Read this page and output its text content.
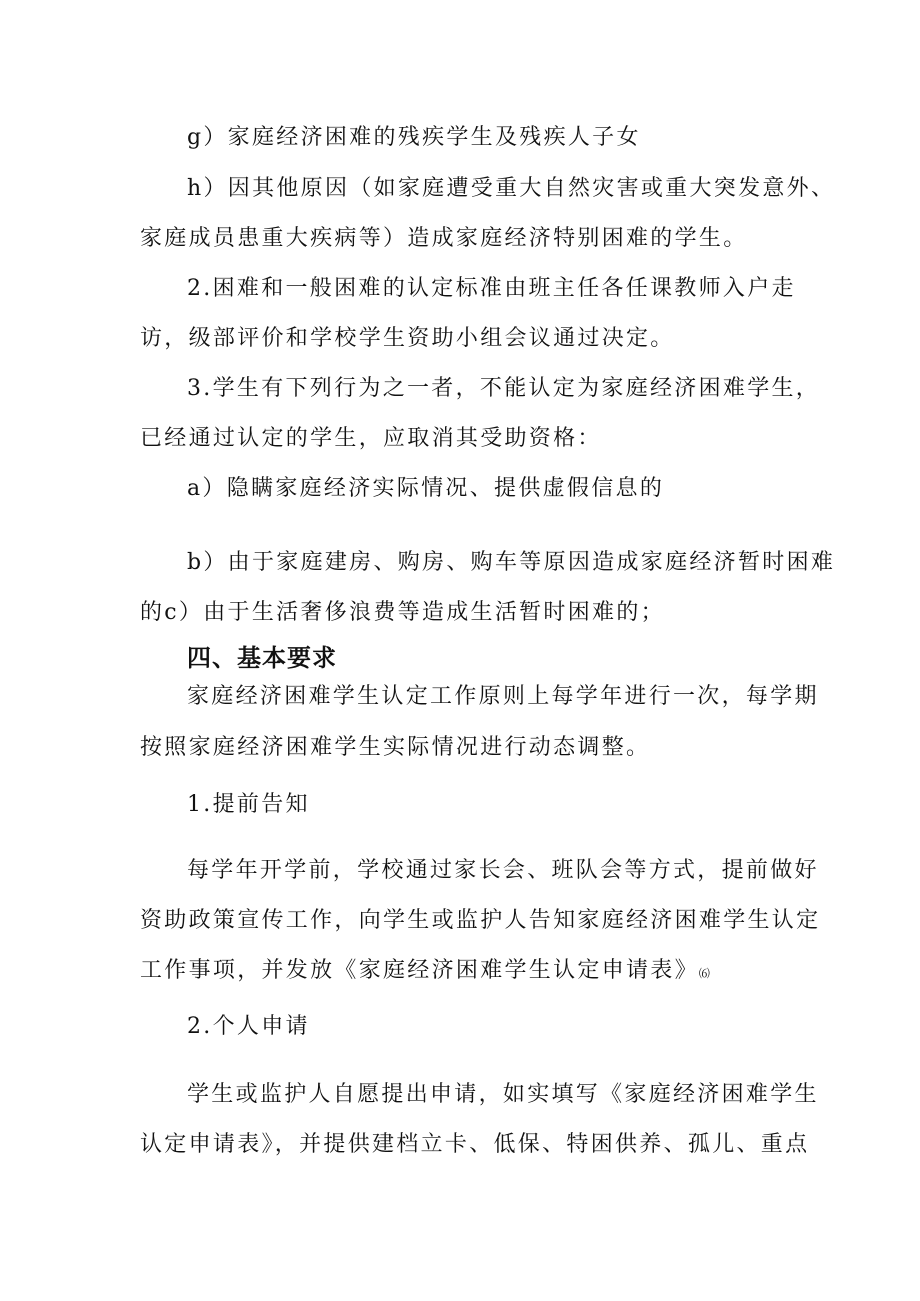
g）家庭经济困难的残疾学生及残疾人子女
h）因其他原因（如家庭遭受重大自然灾害或重大突发意外、
家庭成员患重大疾病等）造成家庭经济特别困难的学生。
2.困难和一般困难的认定标准由班主任各任课教师入户走
访，级部评价和学校学生资助小组会议通过决定。
3.学生有下列行为之一者，不能认定为家庭经济困难学生，
已经通过认定的学生，应取消其受助资格：
a）隐瞒家庭经济实际情况、提供虚假信息的
b）由于家庭建房、购房、购车等原因造成家庭经济暂时困难
的c）由于生活奢侈浪费等造成生活暂时困难的；
四、基本要求
家庭经济困难学生认定工作原则上每学年进行一次，每学期
按照家庭经济困难学生实际情况进行动态调整。
1.提前告知
每学年开学前，学校通过家长会、班队会等方式，提前做好
资助政策宣传工作，向学生或监护人告知家庭经济困难学生认定
工作事项，并发放《家庭经济困难学生认定申请表》⑹
2.个人申请
学生或监护人自愿提出申请，如实填写《家庭经济困难学生
认定申请表》，并提供建档立卡、低保、特困供养、孤儿、重点
